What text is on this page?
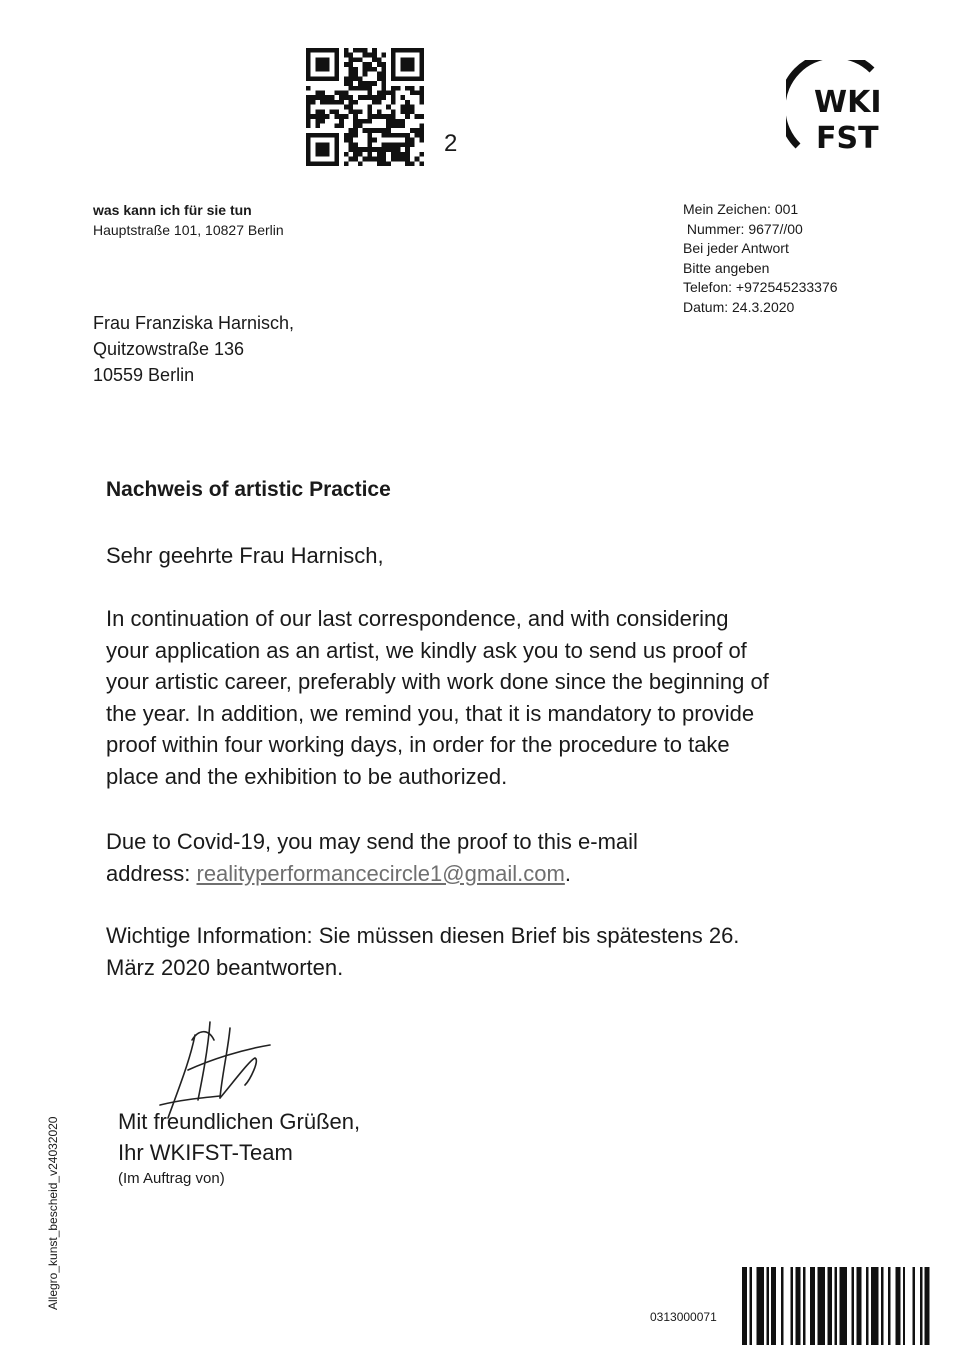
2
WKI
FST
was kann ich für sie tun
Hauptstraße 101, 10827 Berlin
Mein Zeichen: 001
Nummer: 9677//00
Bei jeder Antwort
Bitte angeben
Telefon: +972545233376
Datum: 24.3.2020
Frau Franziska Harnisch,
Quitzowstraße 136
10559 Berlin
Nachweis of artistic Practice
Sehr geehrte Frau Harnisch,
In continuation of our last correspondence, and with considering
your application as an artist, we kindly ask you to send us proof of
your artistic career, preferably with work done since the beginning of
the year. In addition, we remind you, that it is mandatory to provide
proof within four working days, in order for the procedure to take
place and the exhibition to be authorized.
Due to Covid-19, you may send the proof to this e-mail
address: realityperformancecircle1@gmail.com.
Wichtige Information: Sie müssen diesen Brief bis spätestens 26.
März 2020 beantworten.
Mit freundlichen Grüßen,
Ihr WKIFST-Team
(Im Auftrag von)
Allegro_kunst_bescheid_v24032020
0313000071
